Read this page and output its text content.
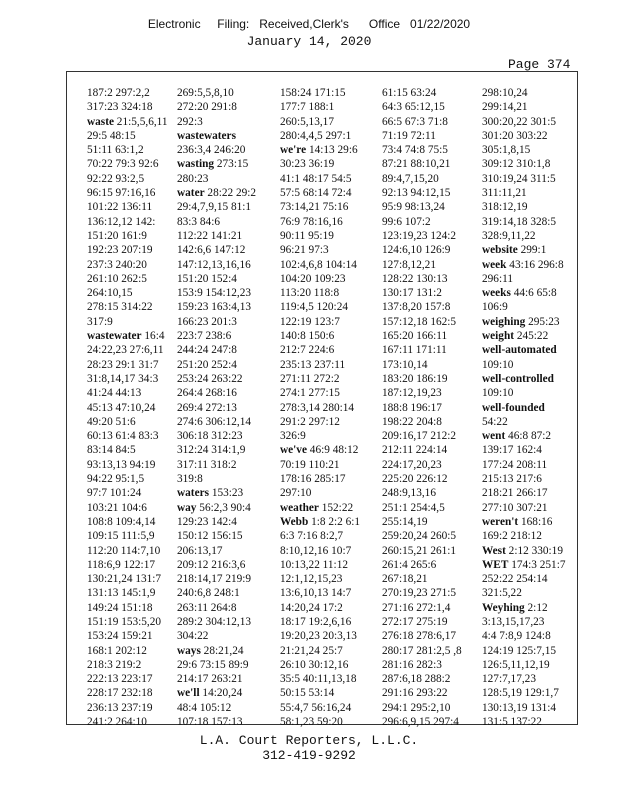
Electronic     Filing:   Received,Clerk's      Office   01/22/2020
January 14, 2020
Page 374
187:2 297:2,2
317:23 324:18
waste 21:5,5,6,11
29:5 48:15
51:11 63:1,2
70:22 79:3 92:6
92:22 93:2,5
96:15 97:16,16
101:22 136:11
136:12,12 142:
151:20 161:9
192:23 207:19
237:3 240:20
261:10 262:5
264:10,15
278:15 314:22
317:9
wastewater 16:4
24:22,23 27:6,11
28:23 29:1 31:7
31:8,14,17 34:3
41:24 44:13
45:13 47:10,24
49:20 51:6
60:13 61:4 83:3
83:14 84:5
93:13,13 94:19
94:22 95:1,5
97:7 101:24
103:21 104:6
108:8 109:4,14
109:15 111:5,9
112:20 114:7,10
118:6,9 122:17
130:21,24 131:7
131:13 145:1,9
149:24 151:18
151:19 153:5,20
153:24 159:21
168:1 202:12
218:3 219:2
222:13 223:17
228:17 232:18
236:13 237:19
241:2 264:10
269:5,5,8,10
272:20 291:8
292:3
wastewaters
236:3,4 246:20
wasting 273:15
280:23
water 28:22 29:2
29:4,7,9,15 81:1
83:3 84:6
112:22 141:21
142:6,6 147:12
147:12,13,16,16
151:20 152:4
153:9 154:12,23
159:23 163:4,13
166:23 201:3
223:7 238:6
244:24 247:8
251:20 252:4
253:24 263:22
264:4 268:16
269:4 272:13
274:6 306:12,14
306:18 312:23
312:24 314:1,9
317:11 318:2
319:8
waters 153:23
way 56:2,3 90:4
129:23 142:4
150:12 156:15
206:13,17
209:12 216:3,6
218:14,17 219:9
240:6,8 248:1
263:11 264:8
289:2 304:12,13
304:22
ways 28:21,24
29:6 73:15 89:9
214:17 263:21
we'll 14:20,24
48:4 105:12
107:18 157:13
158:24 171:15
177:7 188:1
260:5,13,17
280:4,4,5 297:1
we're 14:13 29:6
30:23 36:19
41:1 48:17 54:5
57:5 68:14 72:4
73:14,21 75:16
76:9 78:16,16
90:11 95:19
96:21 97:3
102:4,6,8 104:14
104:20 109:23
113:20 118:8
119:4,5 120:24
122:19 123:7
140:8 150:6
212:7 224:6
235:13 237:11
271:11 272:2
274:1 277:15
278:3,14 280:14
291:2 297:12
326:9
we've 46:9 48:12
70:19 110:21
178:16 285:17
297:10
weather 152:22
Webb 1:8 2:2 6:1
6:3 7:16 8:2,7
8:10,12,16 10:7
10:13,22 11:12
12:1,12,15,23
13:6,10,13 14:7
14:20,24 17:2
18:17 19:2,6,16
19:20,23 20:3,13
21:21,24 25:7
26:10 30:12,16
35:5 40:11,13,18
50:15 53:14
55:4,7 56:16,24
58:1,23 59:20
61:15 63:24
64:3 65:12,15
66:5 67:3 71:8
71:19 72:11
73:4 74:8 75:5
87:21 88:10,21
89:4,7,15,20
92:13 94:12,15
95:9 98:13,24
99:6 107:2
123:19,23 124:2
124:6,10 126:9
127:8,12,21
128:22 130:13
130:17 131:2
137:8,20 157:8
157:12,18 162:5
165:20 166:11
167:11 171:11
173:10,14
183:20 186:19
187:12,19,23
188:8 196:17
198:22 204:8
209:16,17 212:2
212:11 224:14
224:17,20,23
225:20 226:12
248:9,13,16
251:1 254:4,5
255:14,19
259:20,24 260:5
260:15,21 261:1
261:4 265:6
267:18,21
270:19,23 271:5
271:16 272:1,4
272:17 275:19
276:18 278:6,17
280:17 281:2,5 ,8
281:16 282:3
287:6,18 288:2
291:16 293:22
294:1 295:2,10
296:6,9,15 297:4
298:10,24
299:14,21
300:20,22 301:5
301:20 303:22
305:1,8,15
309:12 310:1,8
310:19,24 311:5
311:11,21
318:12,19
319:14,18 328:5
328:9,11,22
website 299:1
week 43:16 296:8
296:11
weeks 44:6 65:8
106:9
weighing 295:23
weight 245:22
well-automated
109:10
well-controlled
109:10
well-founded
54:22
went 46:8 87:2
139:17 162:4
177:24 208:11
215:13 217:6
218:21 266:17
277:10 307:21
weren't 168:16
169:2 218:12
West 2:12 330:19
WET 174:3 251:7
252:22 254:14
321:5,22
Weyhing 2:12
3:13,15,17,23
4:4 7:8,9 124:8
124:19 125:7,15
126:5,11,12,19
127:7,17,23
128:5,19 129:1,7
130:13,19 131:4
131:5 137:22
L.A. Court Reporters, L.L.C.
312-419-9292
